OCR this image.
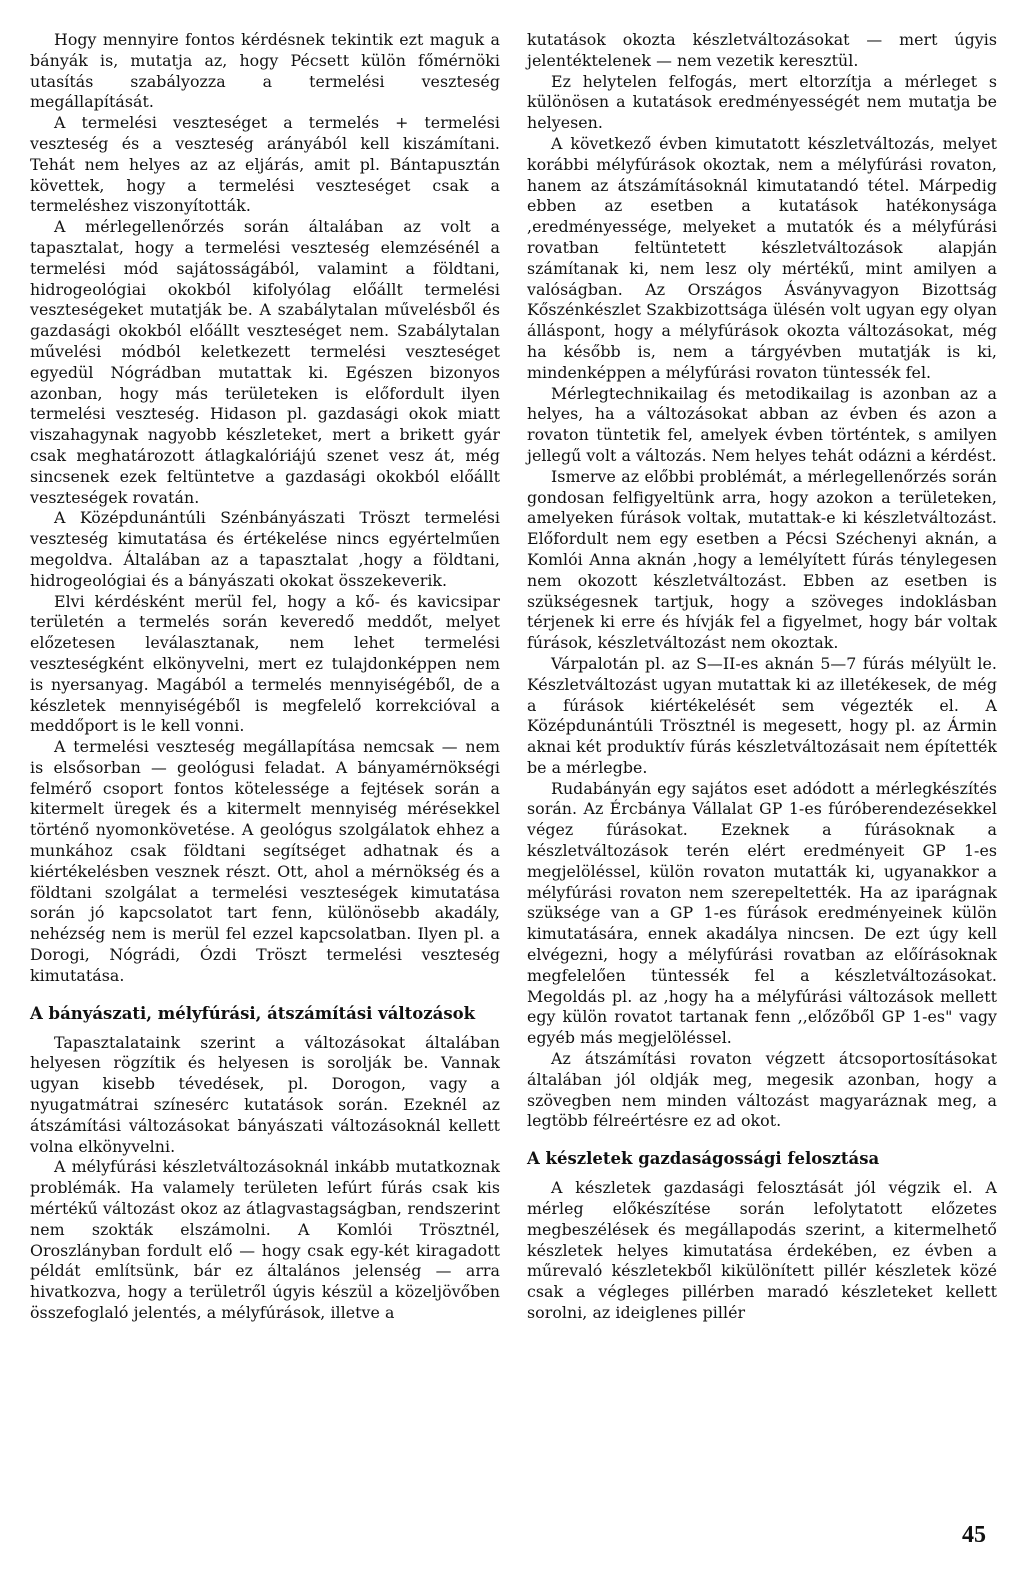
Hogy mennyire fontos kérdésnek tekintik ezt maguk a bányák is, mutatja az, hogy Pécsett külön főmérnöki utasítás szabályozza a termelési veszteség megállapítását.

A termelési veszteséget a termelés + termelési veszteség és a veszteség arányából kell kiszámítani. Tehát nem helyes az az eljárás, amit pl. Bántapusztán követtek, hogy a termelési veszteséget csak a termeléshez viszonyították.

A mérlegellenőrzés során általában az volt a tapasztalat, hogy a termelési veszteség elemzésénél a termelési mód sajátosságából, valamint a földtani, hidrogeológiai okokból kifolyólag előállt termelési veszteségeket mutatják be. A szabálytalan művelésből és gazdasági okokból előállt veszteséget nem. Szabálytalan művelési módból keletkezett termelési veszteséget egyedül Nógrádban mutattak ki. Egészen bizonyos azonban, hogy más területeken is előfordult ilyen termelési veszteség. Hidason pl. gazdasági okok miatt viszahagynak nagyobb készleteket, mert a brikett gyár csak meghatározott átlagkalóriájú szenet vesz át, még sincsenek ezek feltüntetve a gazdasági okokból előállt veszteségek rovatán.

A Középdunántúli Szénbányászati Tröszt termelési veszteség kimutatása és értékelése nincs egyértelműen megoldva. Általában az a tapasztalat ,hogy a földtani, hidrogeológiai és a bányászati okokat összekeverik.

Elvi kérdésként merül fel, hogy a kő- és kavicsipar területén a termelés során keveredő meddőt, melyet előzetesen leválasztanak, nem lehet termelési veszteségként elkönyvelni, mert ez tulajdonképpen nem is nyersanyag. Magából a termelés mennyiségéből, de a készletek mennyiségéből is megfelelő korrekcióval a meddőport is le kell vonni.

A termelési veszteség megállapítása nemcsak — nem is elsősorban — geológusi feladat. A bányamérnökségi felmérő csoport fontos kötelessége a fejtések során a kitermelt üregek és a kitermelt mennyiség mérésekkel történő nyomonkövetése. A geológus szolgálatok ehhez a munkához csak földtani segítséget adhatnak és a kiértékelésben vesznek részt. Ott, ahol a mérnökség és a földtani szolgálat a termelési veszteségek kimutatása során jó kapcsolatot tart fenn, különösebb akadály, nehézség nem is merül fel ezzel kapcsolatban. Ilyen pl. a Dorogi, Nógrádi, Ózdi Tröszt termelési veszteség kimutatása.

A bányászati, mélyfúrási, átszámítási változások

Tapasztalataink szerint a változásokat általában helyesen rögzítik és helyesen is sorolják be. Vannak ugyan kisebb tévedések, pl. Dorogon, vagy a nyugatmátrai színesérc kutatások során. Ezeknél az átszámítási változásokat bányászati változásoknál kellett volna elkönyvelni.

A mélyfúrási készletváltozásoknál inkább mutatkoznak problémák. Ha valamely területen lefúrt fúrás csak kis mértékű változást okoz az átlagvastagságban, rendszerint nem szokták elszámolni. A Komlói Trösztnél, Oroszlányban fordult elő — hogy csak egy-két kiragadott példát említsünk, bár ez általános jelenség — arra hivatkozva, hogy a területről úgyis készül a közeljövőben összefoglaló jelentés, a mélyfúrások, illetve a

kutatások okozta készletváltozásokat — mert úgyis jelentéktelenek — nem vezetik keresztül.

Ez helytelen felfogás, mert eltorzítja a mérleget s különösen a kutatások eredményességét nem mutatja be helyesen.

A következő évben kimutatott készletváltozás, melyet korábbi mélyfúrások okoztak, nem a mélyfúrási rovaton, hanem az átszámításoknál kimutatandó tétel. Márpedig ebben az esetben a kutatások hatékonysága ,eredményessége, melyeket a mutatók és a mélyfúrási rovatban feltüntetett készletváltozások alapján számítanak ki, nem lesz oly mértékű, mint amilyen a valóságban. Az Országos Ásványvagyon Bizottság Kőszénkészlet Szakbizottsága ülésén volt ugyan egy olyan álláspont, hogy a mélyfúrások okozta változásokat, még ha később is, nem a tárgyévben mutatják is ki, mindenképpen a mélyfúrási rovaton tüntessék fel.

Mérlegtechnikailag és metodikailag is azonban az a helyes, ha a változásokat abban az évben és azon a rovaton tüntetik fel, amelyek évben történtek, s amilyen jellegű volt a változás. Nem helyes tehát odázni a kérdést.

Ismerve az előbbi problémát, a mérlegellenőrzés során gondosan felfigyeltünk arra, hogy azokon a területeken, amelyeken fúrások voltak, mutattak-e ki készletváltozást. Előfordult nem egy esetben a Pécsi Széchenyi aknán, a Komlói Anna aknán ,hogy a lemélyített fúrás ténylegesen nem okozott készletváltozást. Ebben az esetben is szükségesnek tartjuk, hogy a szöveges indoklásban térjenek ki erre és hívják fel a figyelmet, hogy bár voltak fúrások, készletváltozást nem okoztak.

Várpalotán pl. az S—II-es aknán 5—7 fúrás mélyült le. Készletváltozást ugyan mutattak ki az illetékesek, de még a fúrások kiértékelését sem végezték el. A Középdunántúli Trösztnél is megesett, hogy pl. az Ármin aknai két produktív fúrás készletváltozásait nem építették be a mérlegbe.

Rudabányán egy sajátos eset adódott a mérlegkészítés során. Az Ércbánya Vállalat GP 1-es fúróberendezésekkel végez fúrásokat. Ezeknek a fúrásoknak a készletváltozások terén elért eredményeit GP 1-es megjelöléssel, külön rovaton mutatták ki, ugyanakkor a mélyfúrási rovaton nem szerepeltették. Ha az iparágnak szüksége van a GP 1-es fúrások eredményeinek külön kimutatására, ennek akadálya nincsen. De ezt úgy kell elvégezni, hogy a mélyfúrási rovatban az előírásoknak megfelelően tüntessék fel a készletváltozásokat. Megoldás pl. az ,hogy ha a mélyfúrási változások mellett egy külön rovatot tartanak fenn ,,előzőből GP 1-es" vagy egyéb más megjelöléssel.

Az átszámítási rovaton végzett átcsoportosításokat általában jól oldják meg, megesik azonban, hogy a szövegben nem minden változást magyaráznak meg, a legtöbb félreértésre ez ad okot.

A készletek gazdaságossági felosztása

A készletek gazdasági felosztását jól végzik el. A mérleg előkészítése során lefolytatott előzetes megbeszélések és megállapodás szerint, a kitermelhető készletek helyes kimutatása érdekében, ez évben a műrevaló készletekből kikülönített pillér készletek közé csak a végleges pillérben maradó készleteket kellett sorolni, az ideiglenes pillér

45
